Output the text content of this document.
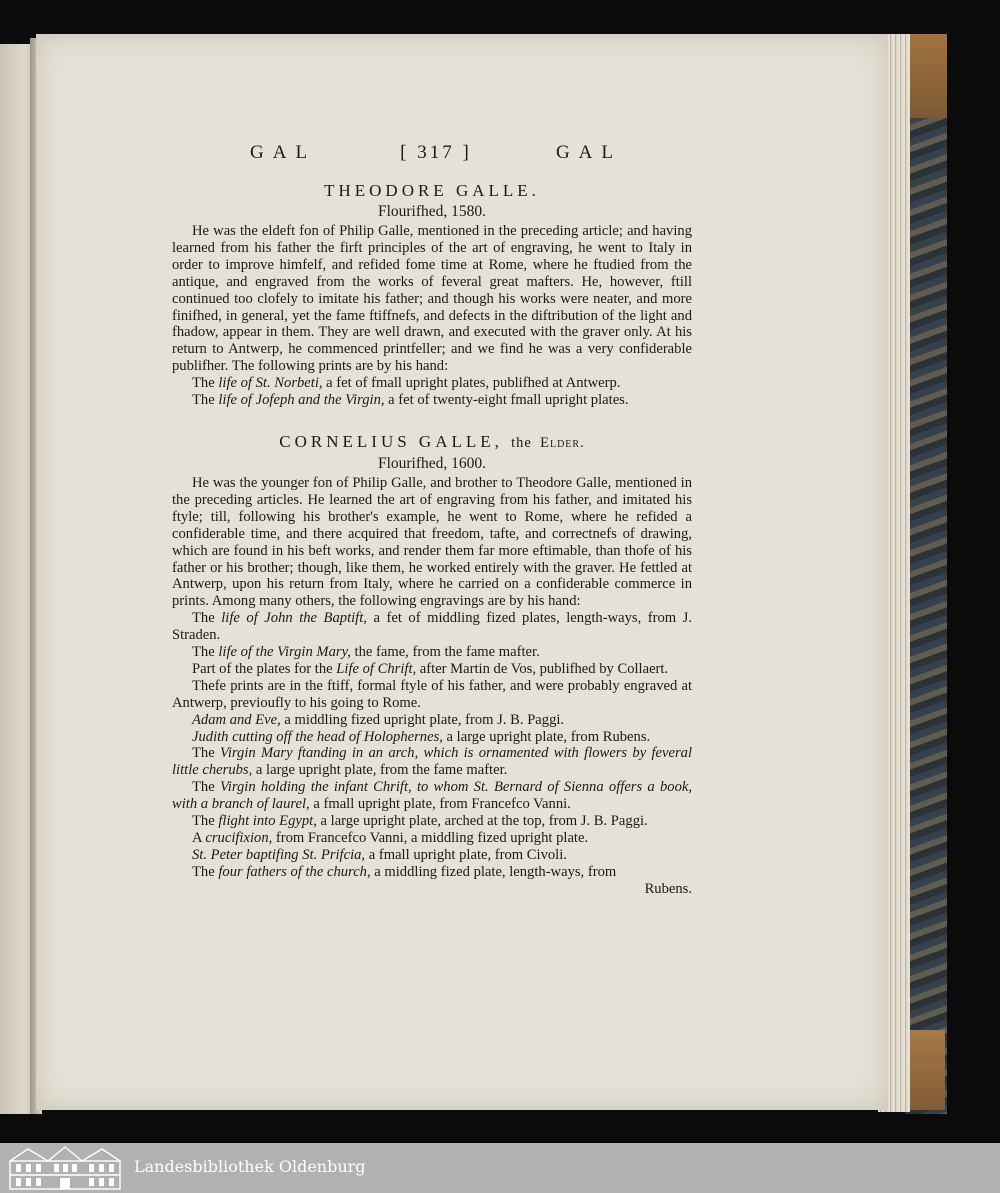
GAL	[ 317 ]	GAL
THEODORE GALLE.
Flourifhed, 1580.

He was the eldeft fon of Philip Galle, mentioned in the preceding article; and having learned from his father the firft principles of the art of engraving, he went to Italy in order to improve himfelf, and refided fome time at Rome, where he ftudied from the antique, and engraved from the works of feveral great mafters. He, however, ftill continued too clofely to imitate his father; and though his works were neater, and more finifhed, in general, yet the fame ftiffnefs, and defects in the diftribution of the light and fhadow, appear in them. They are well drawn, and executed with the graver only. At his return to Antwerp, he commenced printfeller; and we find he was a very confiderable publifher. The following prints are by his hand:

The life of St. Norbeti, a fet of fmall upright plates, publifhed at Antwerp.

The life of Jofeph and the Virgin, a fet of twenty-eight fmall upright plates.

CORNELIUS GALLE, the Elder.
Flourifhed, 1600.

He was the younger fon of Philip Galle, and brother to Theodore Galle, mentioned in the preceding articles. He learned the art of engraving from his father, and imitated his ftyle; till, following his brother's example, he went to Rome, where he refided a confiderable time, and there acquired that freedom, tafte, and correctnefs of drawing, which are found in his beft works, and render them far more eftimable, than thofe of his father or his brother; though, like them, he worked entirely with the graver. He fettled at Antwerp, upon his return from Italy, where he carried on a confiderable commerce in prints. Among many others, the following engravings are by his hand:

The life of John the Baptift, a fet of middling fized plates, length-ways, from J. Straden.

The life of the Virgin Mary, the fame, from the fame mafter.

Part of the plates for the Life of Chrift, after Martin de Vos, publifhed by Collaert.

Thefe prints are in the ftiff, formal ftyle of his father, and were probably engraved at Antwerp, previoufly to his going to Rome.

Adam and Eve, a middling fized upright plate, from J. B. Paggi.

Judith cutting off the head of Holophernes, a large upright plate, from Rubens.

The Virgin Mary ftanding in an arch, which is ornamented with flowers by feveral little cherubs, a large upright plate, from the fame mafter.

The Virgin holding the infant Chrift, to whom St. Bernard of Sienna offers a book, with a branch of laurel, a fmall upright plate, from Francefco Vanni.

The flight into Egypt, a large upright plate, arched at the top, from J. B. Paggi.

A crucifixion, from Francefco Vanni, a middling fized upright plate.

St. Peter baptifing St. Prifcia, a fmall upright plate, from Civoli.

The four fathers of the church, a middling fized plate, length-ways, from

Rubens.
Landesbibliothek Oldenburg
